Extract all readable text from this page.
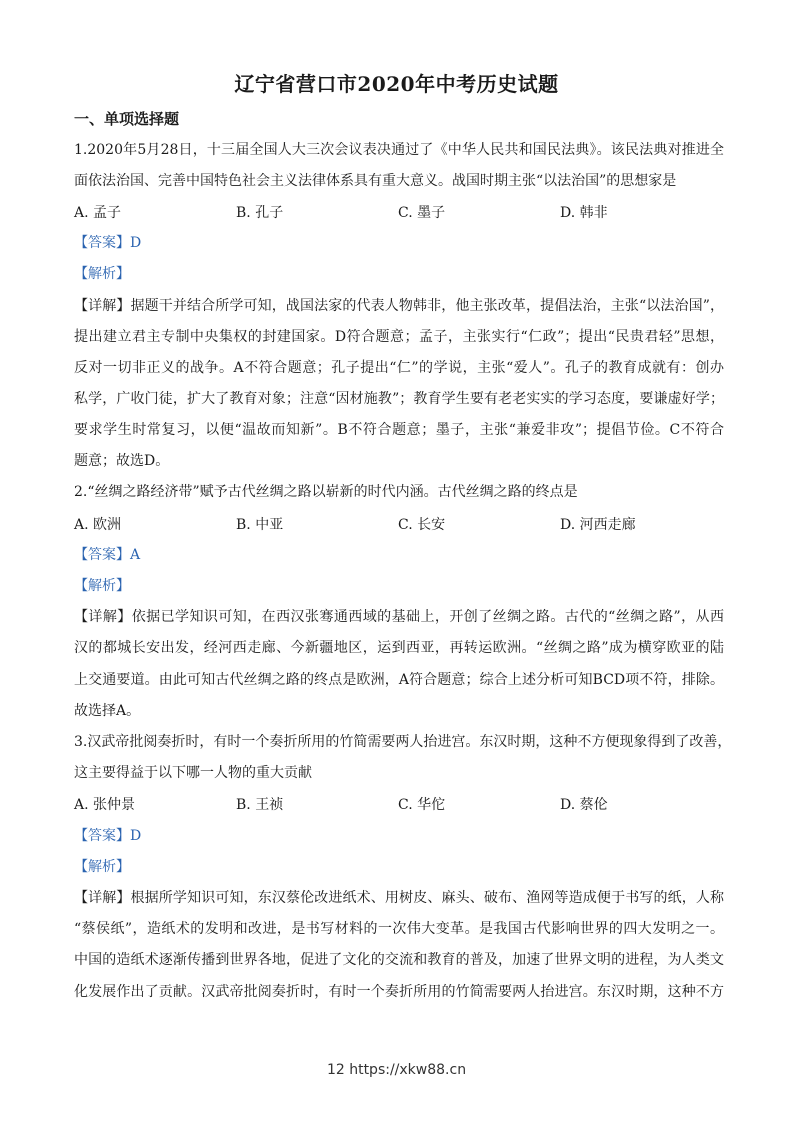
辽宁省营口市2020年中考历史试题
一、单项选择题
1.2020年5月28日，十三届全国人大三次会议表决通过了《中华人民共和国民法典》。该民法典对推进全
面依法治国、完善中国特色社会主义法律体系具有重大意义。战国时期主张“以法治国”的思想家是
A. 孟子	B. 孔子	C. 墨子	D. 韩非
【答案】D
【解析】
【详解】据题干并结合所学可知，战国法家的代表人物韩非，他主张改革，提倡法治，主张“以法治国”，
提出建立君主专制中央集权的封建国家。D符合题意；孟子，主张实行“仁政”；提出“民贵君轻”思想，
反对一切非正义的战争。A不符合题意；孔子提出“仁”的学说，主张“爱人”。孔子的教育成就有：创办
私学，广收门徒，扩大了教育对象；注意“因材施教”；教育学生要有老老实实的学习态度，要谦虚好学；
要求学生时常复习，以便“温故而知新”。B不符合题意；墨子，主张“兼爱非攻”；提倡节俭。C不符合
题意；故选D。
2.“丝绸之路经济带”赋予古代丝绸之路以崭新的时代内涵。古代丝绸之路的终点是
A. 欧洲	B. 中亚	C. 长安	D. 河西走廊
【答案】A
【解析】
【详解】依据已学知识可知，在西汉张骞通西域的基础上，开创了丝绸之路。古代的“丝绸之路”，从西
汉的都城长安出发，经河西走廊、今新疆地区，运到西亚，再转运欧洲。“丝绸之路”成为横穿欧亚的陆
上交通要道。由此可知古代丝绸之路的终点是欧洲，A符合题意；综合上述分析可知BCD项不符，排除。
故选择A。
3.汉武帝批阅奏折时，有时一个奏折所用的竹简需要两人抬进宫。东汉时期，这种不方便现象得到了改善，
这主要得益于以下哪一人物的重大贡献
A. 张仲景	B. 王祯	C. 华佗	D. 蔡伦
【答案】D
【解析】
【详解】根据所学知识可知，东汉蔡伦改进纸术、用树皮、麻头、破布、渔网等造成便于书写的纸，人称
“蔡侯纸”，造纸术的发明和改进，是书写材料的一次伟大变革。是我国古代影响世界的四大发明之一。
中国的造纸术逐渐传播到世界各地，促进了文化的交流和教育的普及，加速了世界文明的进程，为人类文
化发展作出了贡献。汉武帝批阅奏折时，有时一个奏折所用的竹简需要两人抬进宫。东汉时期，这种不方
12 https://xkw88.cn
